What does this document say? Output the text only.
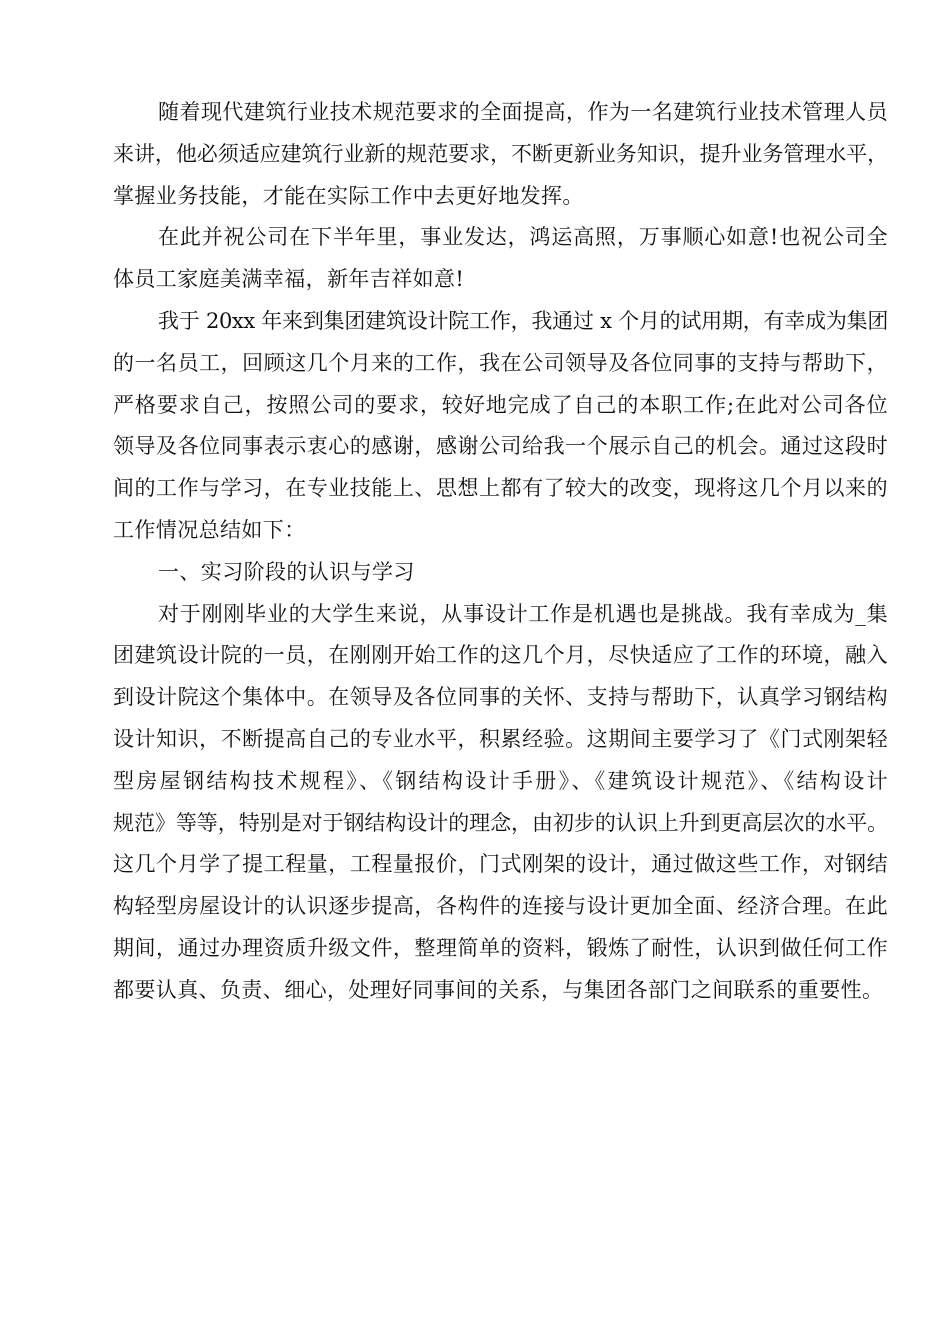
随着现代建筑行业技术规范要求的全面提高，作为一名建筑行业技术管理人员
来讲，他必须适应建筑行业新的规范要求，不断更新业务知识，提升业务管理水平，
掌握业务技能，才能在实际工作中去更好地发挥。
在此并祝公司在下半年里，事业发达，鸿运高照，万事顺心如意!也祝公司全
体员工家庭美满幸福，新年吉祥如意!
我于 20xx 年来到集团建筑设计院工作，我通过 x 个月的试用期，有幸成为集团
的一名员工，回顾这几个月来的工作，我在公司领导及各位同事的支持与帮助下，
严格要求自己，按照公司的要求，较好地完成了自己的本职工作;在此对公司各位
领导及各位同事表示衷心的感谢，感谢公司给我一个展示自己的机会。通过这段时
间的工作与学习，在专业技能上、思想上都有了较大的改变，现将这几个月以来的
工作情况总结如下：
一、实习阶段的认识与学习
对于刚刚毕业的大学生来说，从事设计工作是机遇也是挑战。我有幸成为_集
团建筑设计院的一员，在刚刚开始工作的这几个月，尽快适应了工作的环境，融入
到设计院这个集体中。在领导及各位同事的关怀、支持与帮助下，认真学习钢结构
设计知识，不断提高自己的专业水平，积累经验。这期间主要学习了《门式刚架轻
型房屋钢结构技术规程》、《钢结构设计手册》、《建筑设计规范》、《结构设计
规范》等等，特别是对于钢结构设计的理念，由初步的认识上升到更高层次的水平。
这几个月学了提工程量，工程量报价，门式刚架的设计，通过做这些工作，对钢结
构轻型房屋设计的认识逐步提高，各构件的连接与设计更加全面、经济合理。在此
期间，通过办理资质升级文件，整理简单的资料，锻炼了耐性，认识到做任何工作
都要认真、负责、细心，处理好同事间的关系，与集团各部门之间联系的重要性。
